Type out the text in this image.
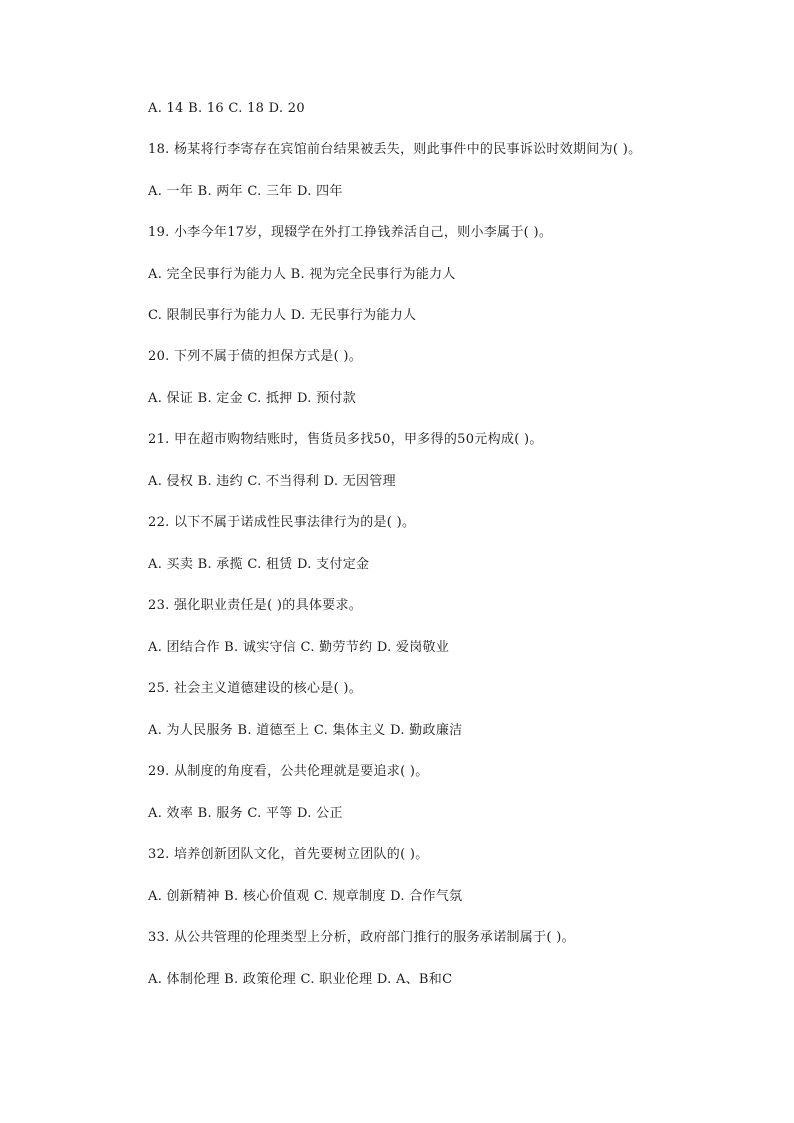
A. 14 B. 16 C. 18 D. 20
18. 杨某将行李寄存在宾馆前台结果被丢失，则此事件中的民事诉讼时效期间为( )。
A. 一年 B. 两年 C. 三年 D. 四年
19. 小李今年17岁，现辍学在外打工挣钱养活自己，则小李属于( )。
A. 完全民事行为能力人 B. 视为完全民事行为能力人
C. 限制民事行为能力人 D. 无民事行为能力人
20. 下列不属于债的担保方式是( )。
A. 保证 B. 定金 C. 抵押 D. 预付款
21. 甲在超市购物结账时，售货员多找50，甲多得的50元构成( )。
A. 侵权 B. 违约 C. 不当得利 D. 无因管理
22. 以下不属于诺成性民事法律行为的是( )。
A. 买卖 B. 承揽 C. 租赁 D. 支付定金
23. 强化职业责任是( )的具体要求。
A. 团结合作 B. 诚实守信 C. 勤劳节约 D. 爱岗敬业
25. 社会主义道德建设的核心是( )。
A. 为人民服务 B. 道德至上 C. 集体主义 D. 勤政廉洁
29. 从制度的角度看，公共伦理就是要追求( )。
A. 效率 B. 服务 C. 平等 D. 公正
32. 培养创新团队文化，首先要树立团队的( )。
A. 创新精神 B. 核心价值观 C. 规章制度 D. 合作气氛
33. 从公共管理的伦理类型上分析，政府部门推行的服务承诺制属于( )。
A. 体制伦理 B. 政策伦理 C. 职业伦理 D. A、B和C
